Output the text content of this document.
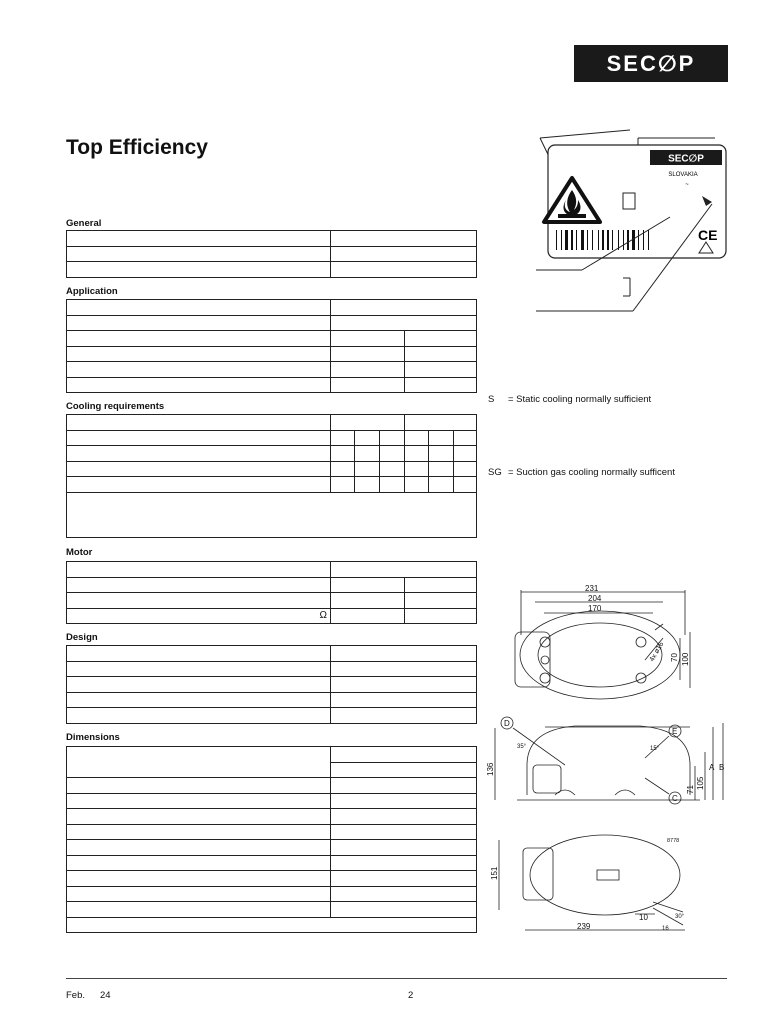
SEC∅P
Top Efficiency
General

Application

Cooling requirements

Motor

Ω		
Design

Dimensions

SEC∅P
SLOVAKIA
~
CE
S = Static cooling normally sufficient
SG = Suction gas cooling normally sufficent
231
204
170
4x ø16 70 100
D
E
C
35°	15°
136
105
71
A B
8778
151
239
10
16
30°
Feb. 24	2
